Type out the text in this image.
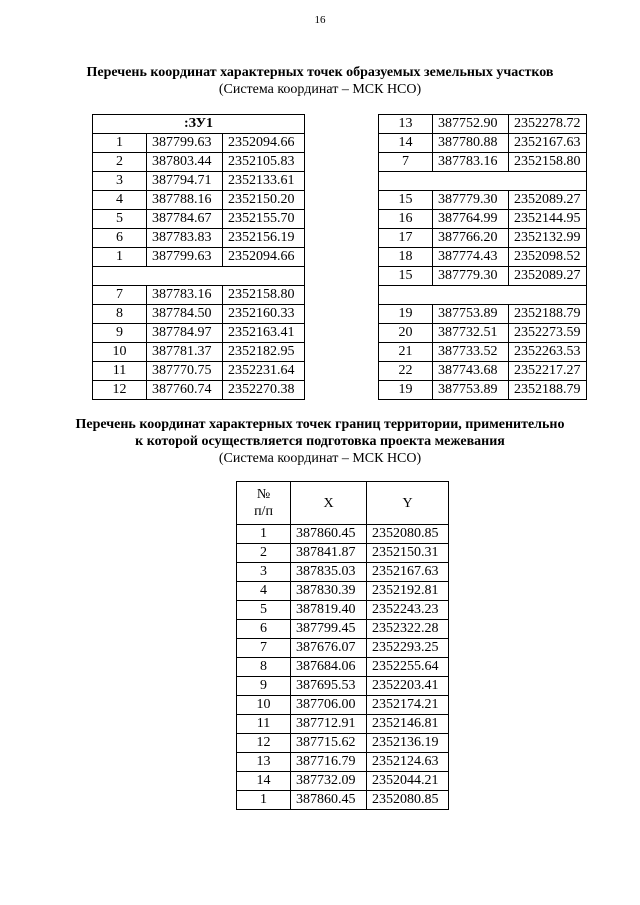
16
Перечень координат характерных точек образуемых земельных участков
(Система координат – МСК НСО)
:ЗУ1		
1	387799.63	2352094.66
2	387803.44	2352105.83
3	387794.71	2352133.61
4	387788.16	2352150.20
5	387784.67	2352155.70
6	387783.83	2352156.19
1	387799.63	2352094.66

7	387783.16	2352158.80
8	387784.50	2352160.33
9	387784.97	2352163.41
10	387781.37	2352182.95
11	387770.75	2352231.64
12	387760.74	2352270.38
13	387752.90	2352278.72
14	387780.88	2352167.63
7	387783.16	2352158.80

15	387779.30	2352089.27
16	387764.99	2352144.95
17	387766.20	2352132.99
18	387774.43	2352098.52
15	387779.30	2352089.27

19	387753.89	2352188.79
20	387732.51	2352273.59
21	387733.52	2352263.53
22	387743.68	2352217.27
19	387753.89	2352188.79
Перечень координат характерных точек границ территории, применительно
к которой осуществляется подготовка проекта межевания
(Система координат – МСК НСО)
№
п/п	X	Y
1	387860.45	2352080.85
2	387841.87	2352150.31
3	387835.03	2352167.63
4	387830.39	2352192.81
5	387819.40	2352243.23
6	387799.45	2352322.28
7	387676.07	2352293.25
8	387684.06	2352255.64
9	387695.53	2352203.41
10	387706.00	2352174.21
11	387712.91	2352146.81
12	387715.62	2352136.19
13	387716.79	2352124.63
14	387732.09	2352044.21
1	387860.45	2352080.85
